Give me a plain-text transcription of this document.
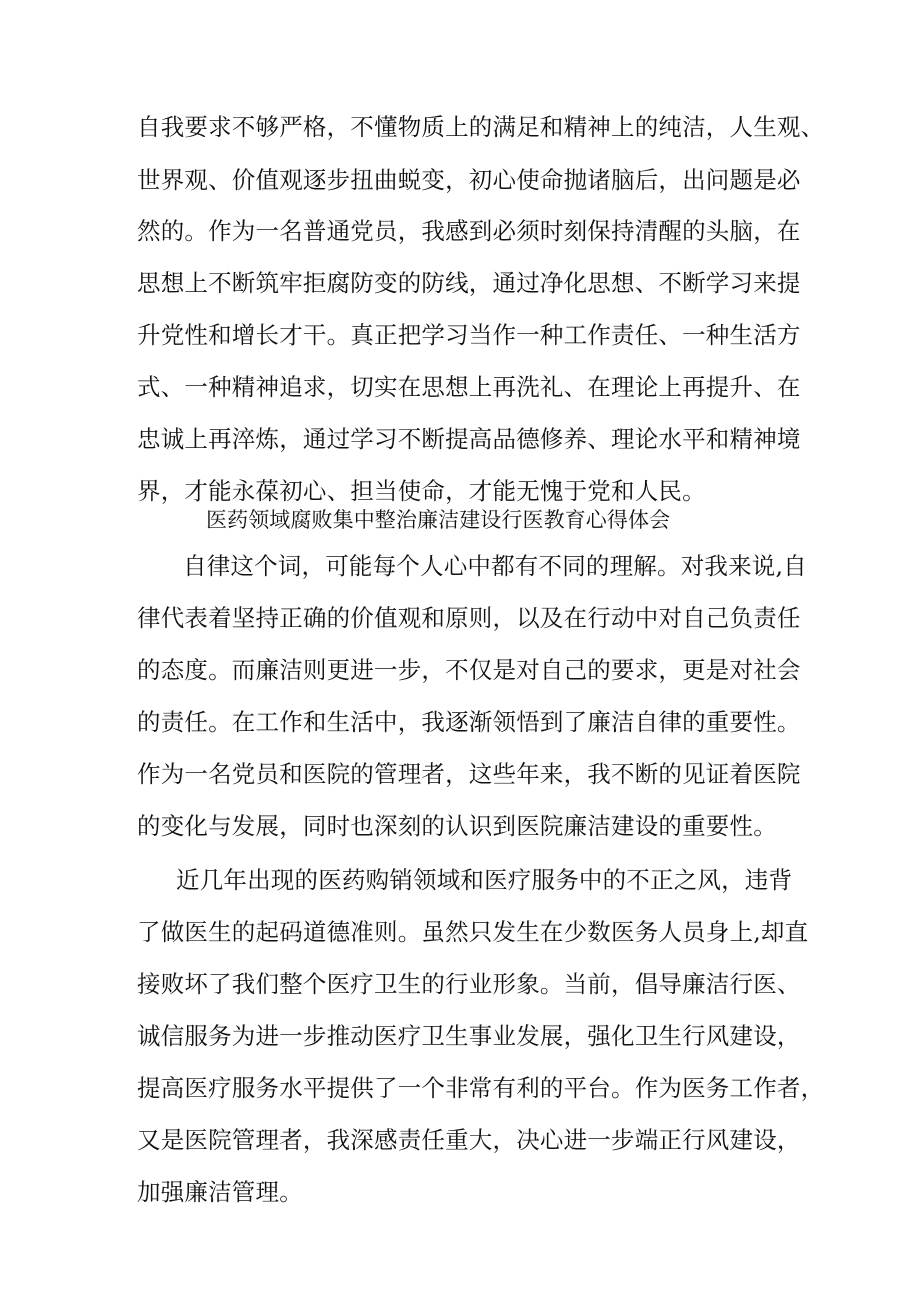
自我要求不够严格，不懂物质上的满足和精神上的纯洁，人生观、

世界观、价值观逐步扭曲蜕变，初心使命抛诸脑后，出问题是必

然的。作为一名普通党员，我感到必须时刻保持清醒的头脑，在

思想上不断筑牢拒腐防变的防线，通过净化思想、不断学习来提

升党性和增长才干。真正把学习当作一种工作责任、一种生活方

式、一种精神追求，切实在思想上再洗礼、在理论上再提升、在

忠诚上再淬炼，通过学习不断提高品德修养、理论水平和精神境

界，才能永葆初心、担当使命，才能无愧于党和人民。

医药领域腐败集中整治廉洁建设行医教育心得体会

自律这个词，可能每个人心中都有不同的理解。对我来说,自

律代表着坚持正确的价值观和原则，以及在行动中对自己负责任

的态度。而廉洁则更进一步，不仅是对自己的要求，更是对社会

的责任。在工作和生活中，我逐渐领悟到了廉洁自律的重要性。

作为一名党员和医院的管理者，这些年来，我不断的见证着医院

的变化与发展，同时也深刻的认识到医院廉洁建设的重要性。

近几年出现的医药购销领域和医疗服务中的不正之风，违背

了做医生的起码道德准则。虽然只发生在少数医务人员身上,却直

接败坏了我们整个医疗卫生的行业形象。当前，倡导廉洁行医、

诚信服务为进一步推动医疗卫生事业发展，强化卫生行风建设，

提高医疗服务水平提供了一个非常有利的平台。作为医务工作者，

又是医院管理者，我深感责任重大，决心进一步端正行风建设，

加强廉洁管理。
